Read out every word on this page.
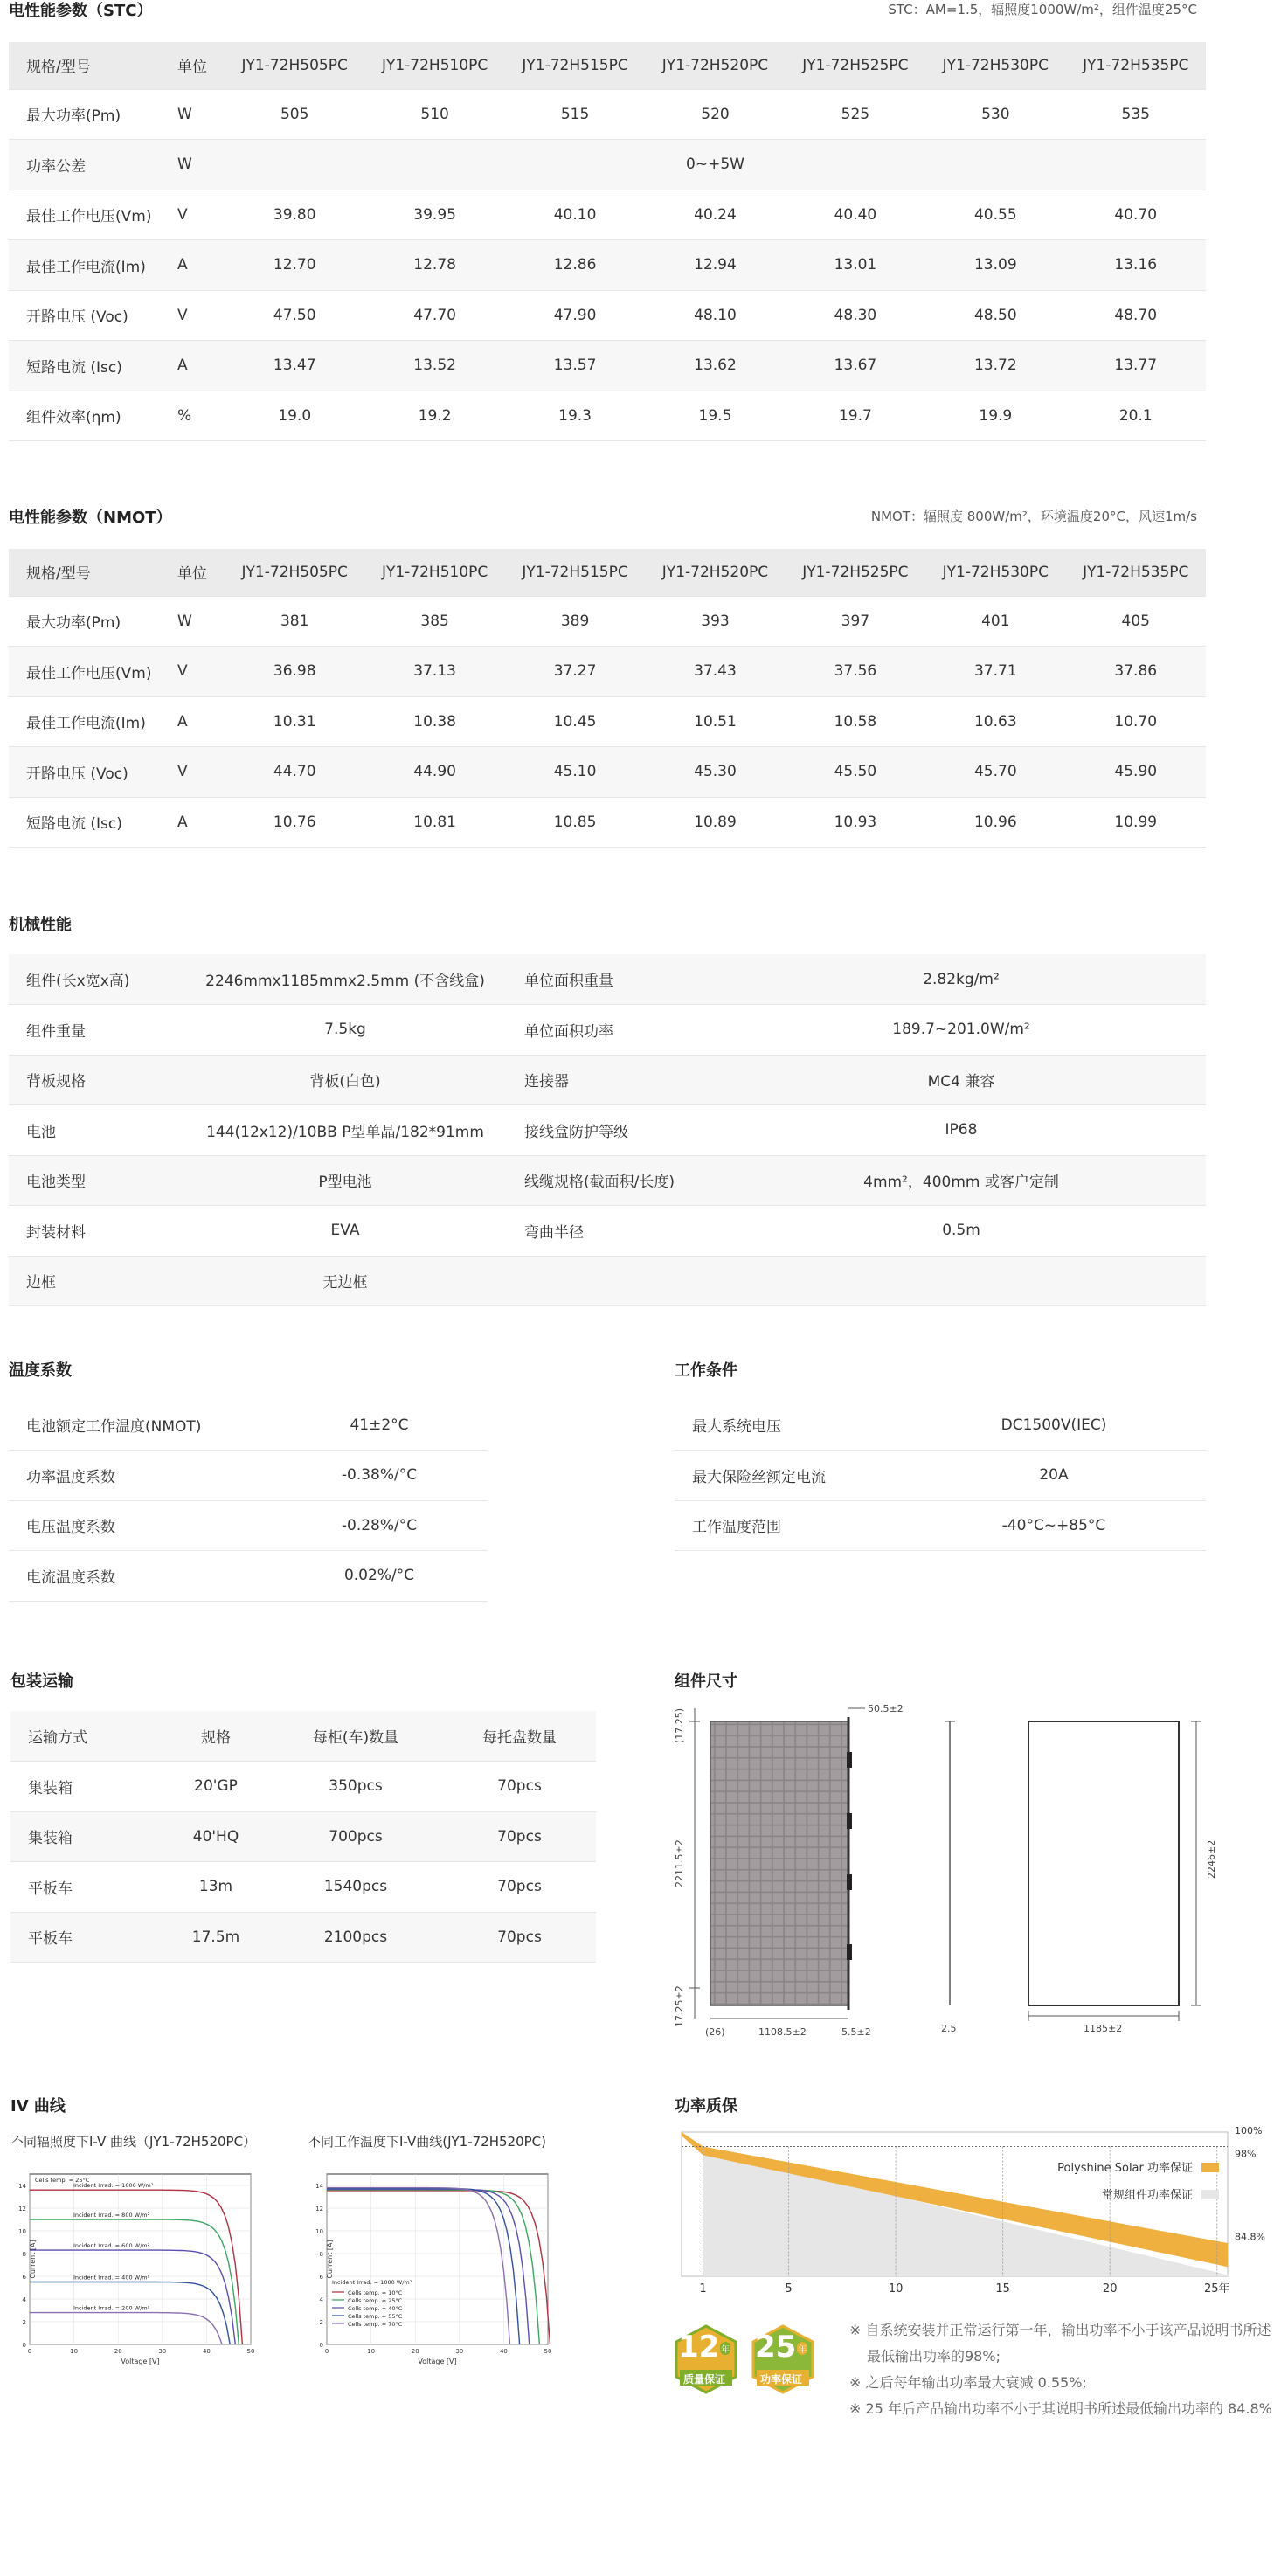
电性能参数（STC）	STC：AM=1.5，辐照度1000W/m²，组件温度25°C
规格/型号	单位	JY1-72H505PC	JY1-72H510PC	JY1-72H515PC	JY1-72H520PC	JY1-72H525PC	JY1-72H530PC	JY1-72H535PC
最大功率(Pm)	W	505	510	515	520	525	530	535
功率公差	W	0~+5W						
最佳工作电压(Vm)	V	39.80	39.95	40.10	40.24	40.40	40.55	40.70
最佳工作电流(Im)	A	12.70	12.78	12.86	12.94	13.01	13.09	13.16
开路电压 (Voc)	V	47.50	47.70	47.90	48.10	48.30	48.50	48.70
短路电流 (Isc)	A	13.47	13.52	13.57	13.62	13.67	13.72	13.77
组件效率(ηm)	%	19.0	19.2	19.3	19.5	19.7	19.9	20.1
电性能参数（NMOT）	NMOT：辐照度 800W/m²，环境温度20°C，风速1m/s
规格/型号	单位	JY1-72H505PC	JY1-72H510PC	JY1-72H515PC	JY1-72H520PC	JY1-72H525PC	JY1-72H530PC	JY1-72H535PC
最大功率(Pm)	W	381	385	389	393	397	401	405
最佳工作电压(Vm)	V	36.98	37.13	37.27	37.43	37.56	37.71	37.86
最佳工作电流(Im)	A	10.31	10.38	10.45	10.51	10.58	10.63	10.70
开路电压 (Voc)	V	44.70	44.90	45.10	45.30	45.50	45.70	45.90
短路电流 (Isc)	A	10.76	10.81	10.85	10.89	10.93	10.96	10.99
机械性能
组件(长x宽x高)	2246mmx1185mmx2.5mm (不含线盒)	单位面积重量	2.82kg/m²
组件重量	7.5kg	单位面积功率	189.7~201.0W/m²
背板规格	背板(白色)	连接器	MC4 兼容
电池	144(12x12)/10BB P型单晶/182*91mm	接线盒防护等级	IP68
电池类型	P型电池	线缆规格(截面积/长度)	4mm²，400mm 或客户定制
封装材料	EVA	弯曲半径	0.5m
边框	无边框		
温度系数
电池额定工作温度(NMOT)	41±2°C
功率温度系数	-0.38%/°C
电压温度系数	-0.28%/°C
电流温度系数	0.02%/°C
工作条件
最大系统电压	DC1500V(IEC)
最大保险丝额定电流	20A
工作温度范围	-40°C~+85°C
包装运输
运输方式	规格	每柜(车)数量	每托盘数量
集装箱	20'GP	350pcs	70pcs
集装箱	40'HQ	700pcs	70pcs
平板车	13m	1540pcs	70pcs
平板车	17.5m	2100pcs	70pcs
组件尺寸
(17.25)
2211.5±2
17.25±2
50.5±2
(26)	1108.5±2	5.5±2	2.5
2246±2
1185±2
IV 曲线
不同辐照度下I-V 曲线（JY1-72H520PC）	不同工作温度下I-V曲线(JY1-72H520PC)
0
2
4
6
8
10
12
14
0	10	20	30	40	50
Voltage [V]
Current [A]
Incident Irrad. = 1000 W/m²
Incident Irrad. = 800 W/m²
Incident Irrad. = 600 W/m²
Incident Irrad. = 400 W/m²
Incident Irrad. = 200 W/m²
Cells temp. = 25°C
0
2
4
6
8
10
12
14
0	10	20	30	40	50
Voltage [V]
Current [A]
Cells temp. = 10°C
Cells temp. = 25°C
Cells temp. = 40°C
Cells temp. = 55°C
Cells temp. = 70°C
Incident Irrad. = 1000 W/m²
功率质保
1	5	10	15	20	25年
100%
98%
84.8%
Polyshine Solar 功率保证
常规组件功率保证
12 年
质量保证
25 年
功率保证
※ 自系统安装并正常运行第一年，输出功率不小于该产品说明书所述
最低输出功率的98%;
※ 之后每年输出功率最大衰减 0.55%;
※ 25 年后产品输出功率不小于其说明书所述最低输出功率的 84.8%
